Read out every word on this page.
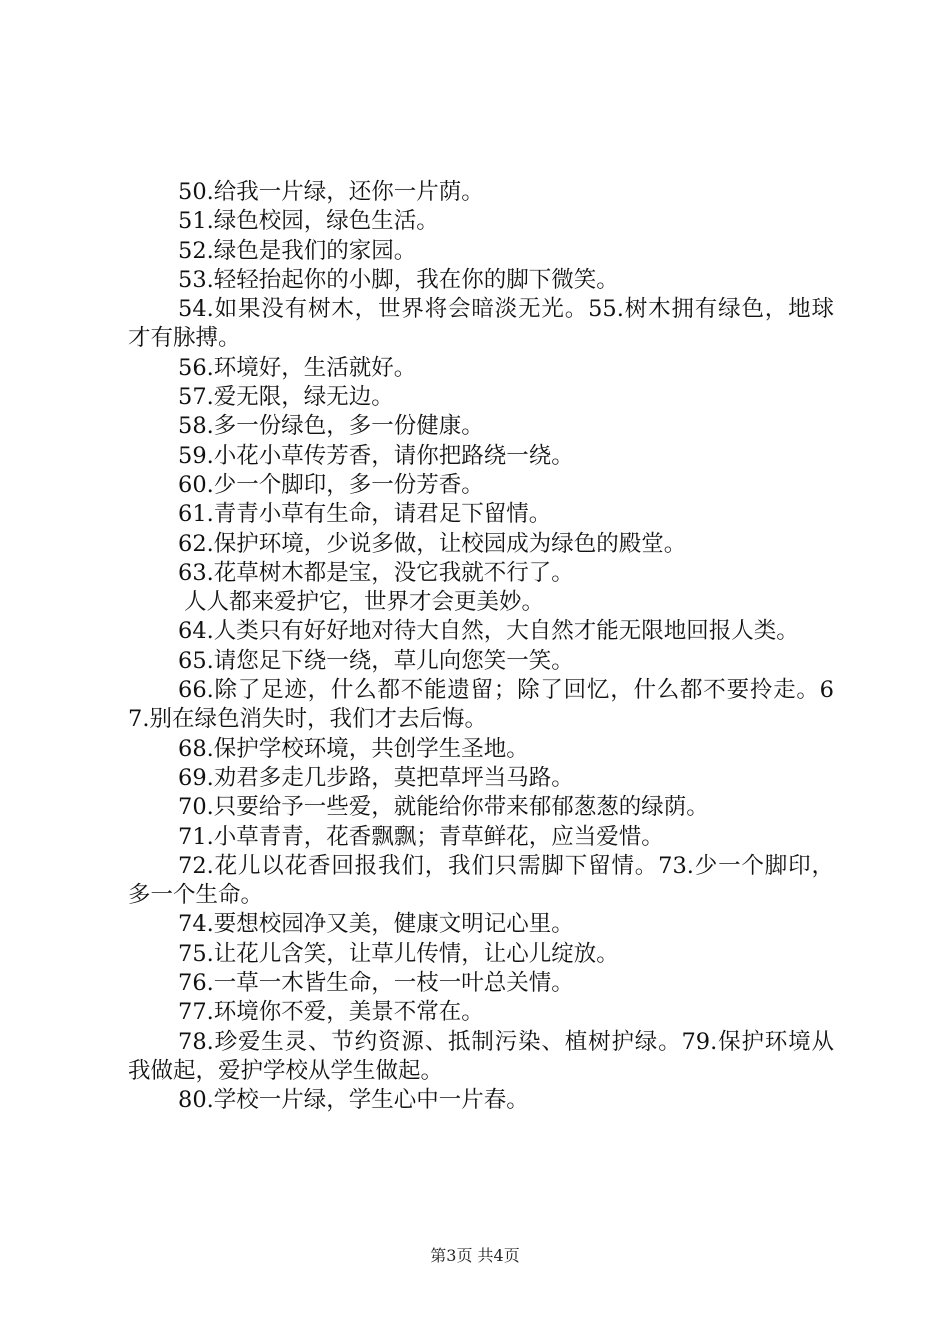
50.给我一片绿，还你一片荫。

51.绿色校园，绿色生活。

52.绿色是我们的家园。

53.轻轻抬起你的小脚，我在你的脚下微笑。

54.如果没有树木，世界将会暗淡无光。55.树木拥有绿色，地球才有脉搏。

56.环境好，生活就好。

57.爱无限，绿无边。

58.多一份绿色，多一份健康。

59.小花小草传芳香，请你把路绕一绕。

60.少一个脚印，多一份芳香。

61.青青小草有生命，请君足下留情。

62.保护环境，少说多做，让校园成为绿色的殿堂。

63.花草树木都是宝，没它我就不行了。

人人都来爱护它，世界才会更美妙。

64.人类只有好好地对待大自然，大自然才能无限地回报人类。

65.请您足下绕一绕，草儿向您笑一笑。

66.除了足迹，什么都不能遗留；除了回忆，什么都不要拎走。67.别在绿色消失时，我们才去后悔。

68.保护学校环境，共创学生圣地。

69.劝君多走几步路，莫把草坪当马路。

70.只要给予一些爱，就能给你带来郁郁葱葱的绿荫。

71.小草青青，花香飘飘；青草鲜花，应当爱惜。

72.花儿以花香回报我们，我们只需脚下留情。73.少一个脚印，多一个生命。

74.要想校园净又美，健康文明记心里。

75.让花儿含笑，让草儿传情，让心儿绽放。

76.一草一木皆生命，一枝一叶总关情。

77.环境你不爱，美景不常在。

78.珍爱生灵、节约资源、抵制污染、植树护绿。79.保护环境从我做起，爱护学校从学生做起。

80.学校一片绿，学生心中一片春。

第3页 共4页
